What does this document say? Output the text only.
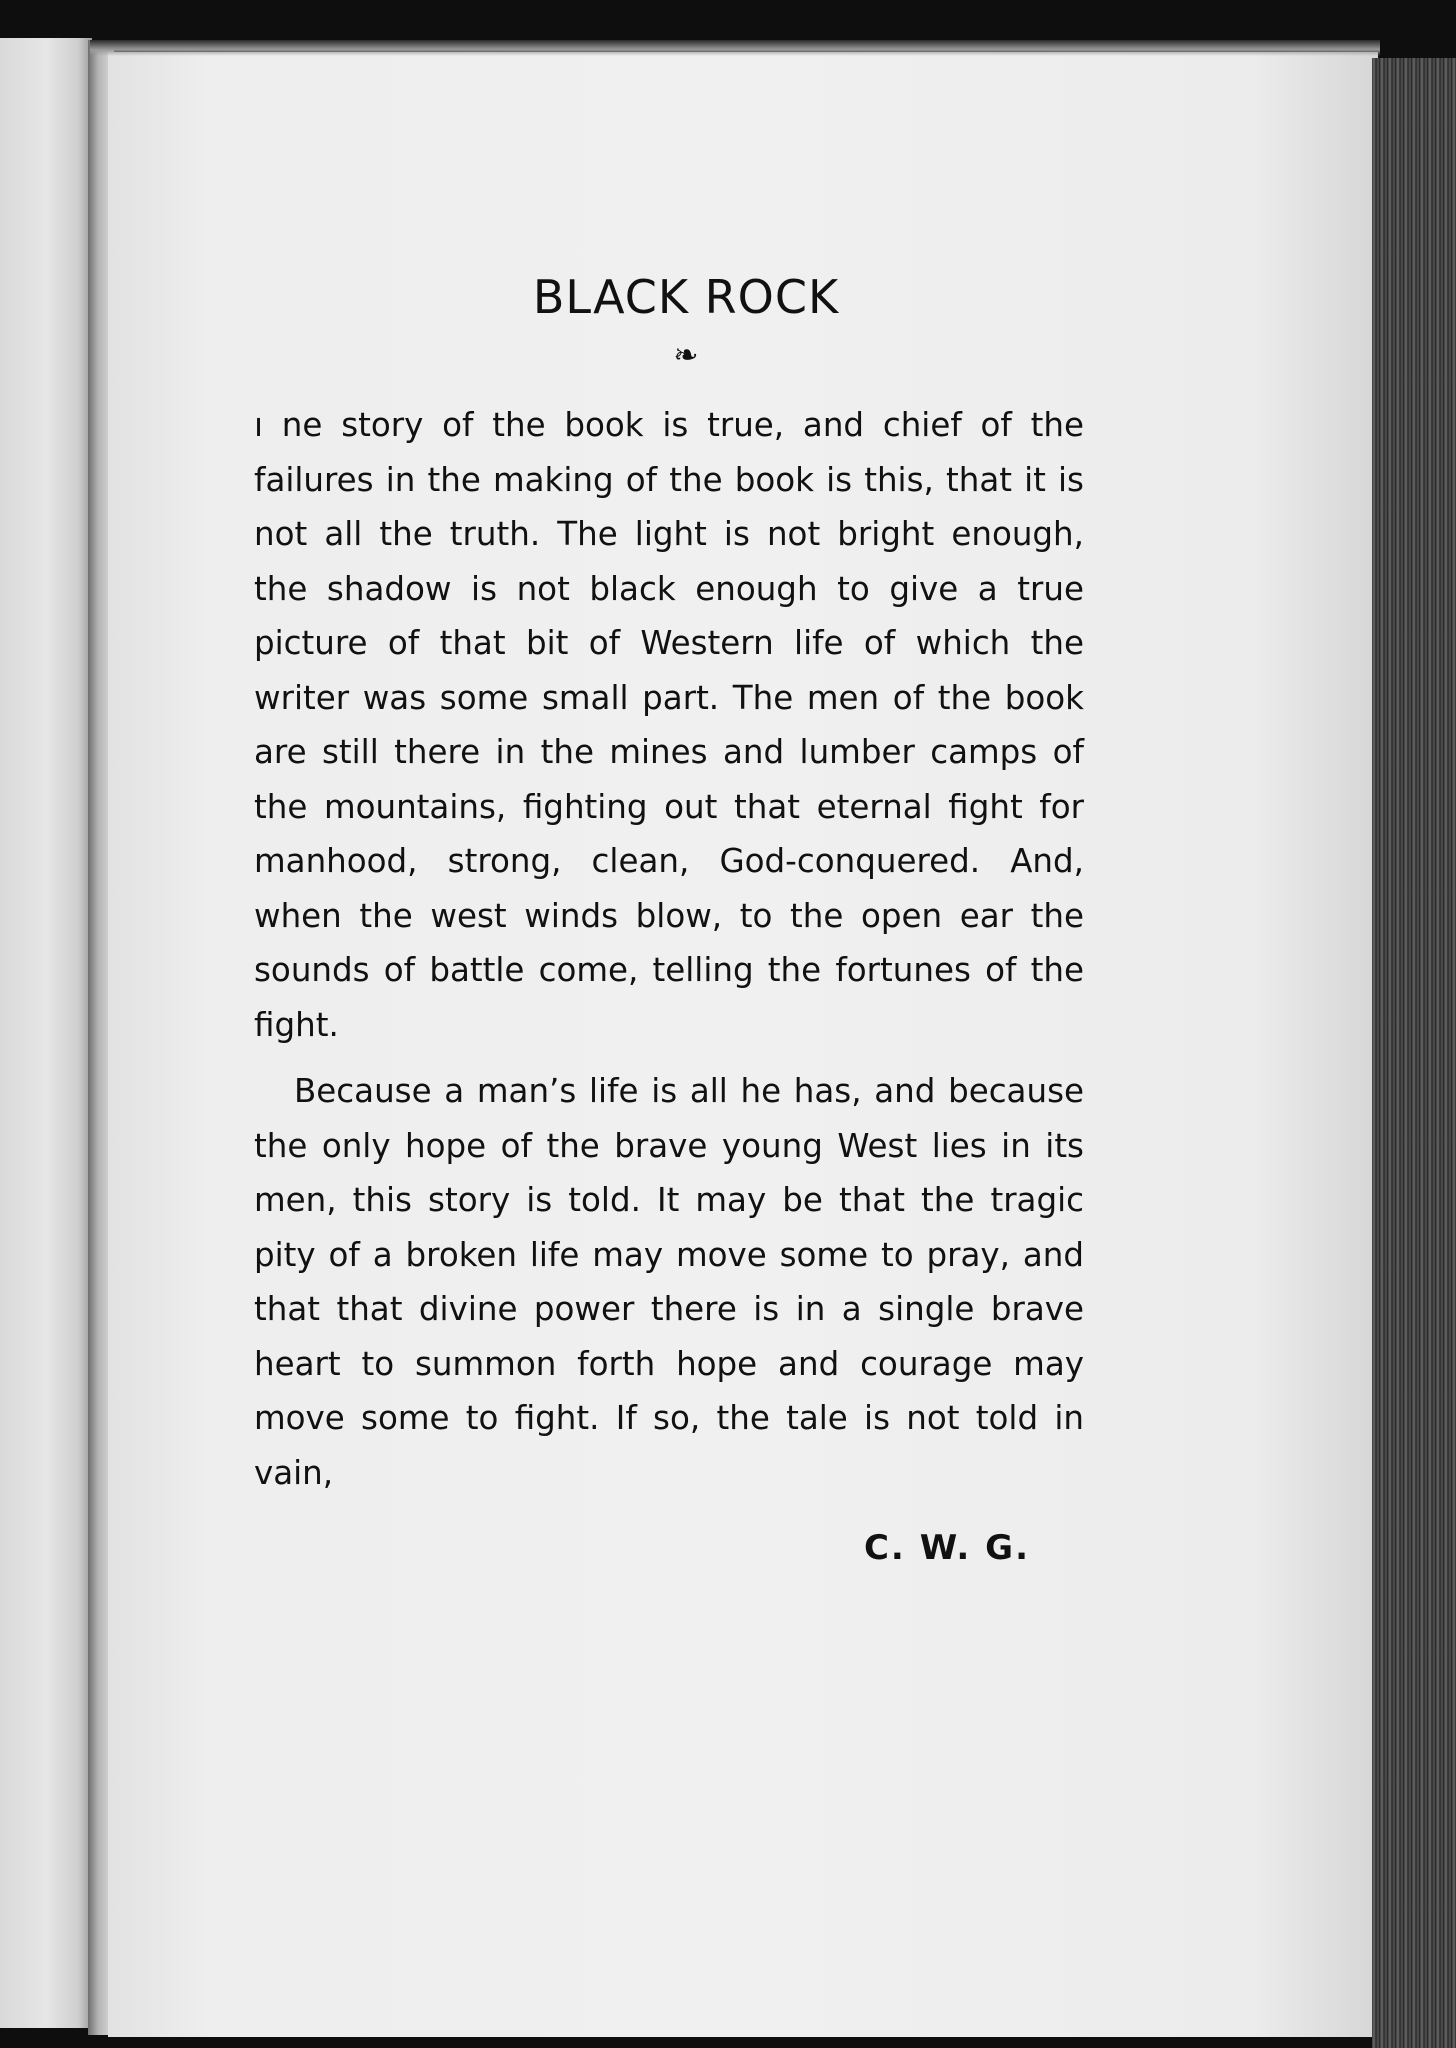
BLACK ROCK
❧

ı ne story of the book is true, and chief of the failures in the making of the book is this, that it is not all the truth. The light is not bright enough, the shadow is not black enough to give a true picture of that bit of Western life of which the writer was some small part. The men of the book are still there in the mines and lumber camps of the mountains, fighting out that eternal fight for manhood, strong, clean, God-conquered. And, when the west winds blow, to the open ear the sounds of battle come, telling the fortunes of the fight.

Because a man’s life is all he has, and because the only hope of the brave young West lies in its men, this story is told. It may be that the tragic pity of a broken life may move some to pray, and that that divine power there is in a single brave heart to summon forth hope and courage may move some to fight. If so, the tale is not told in vain,

C. W. G.
